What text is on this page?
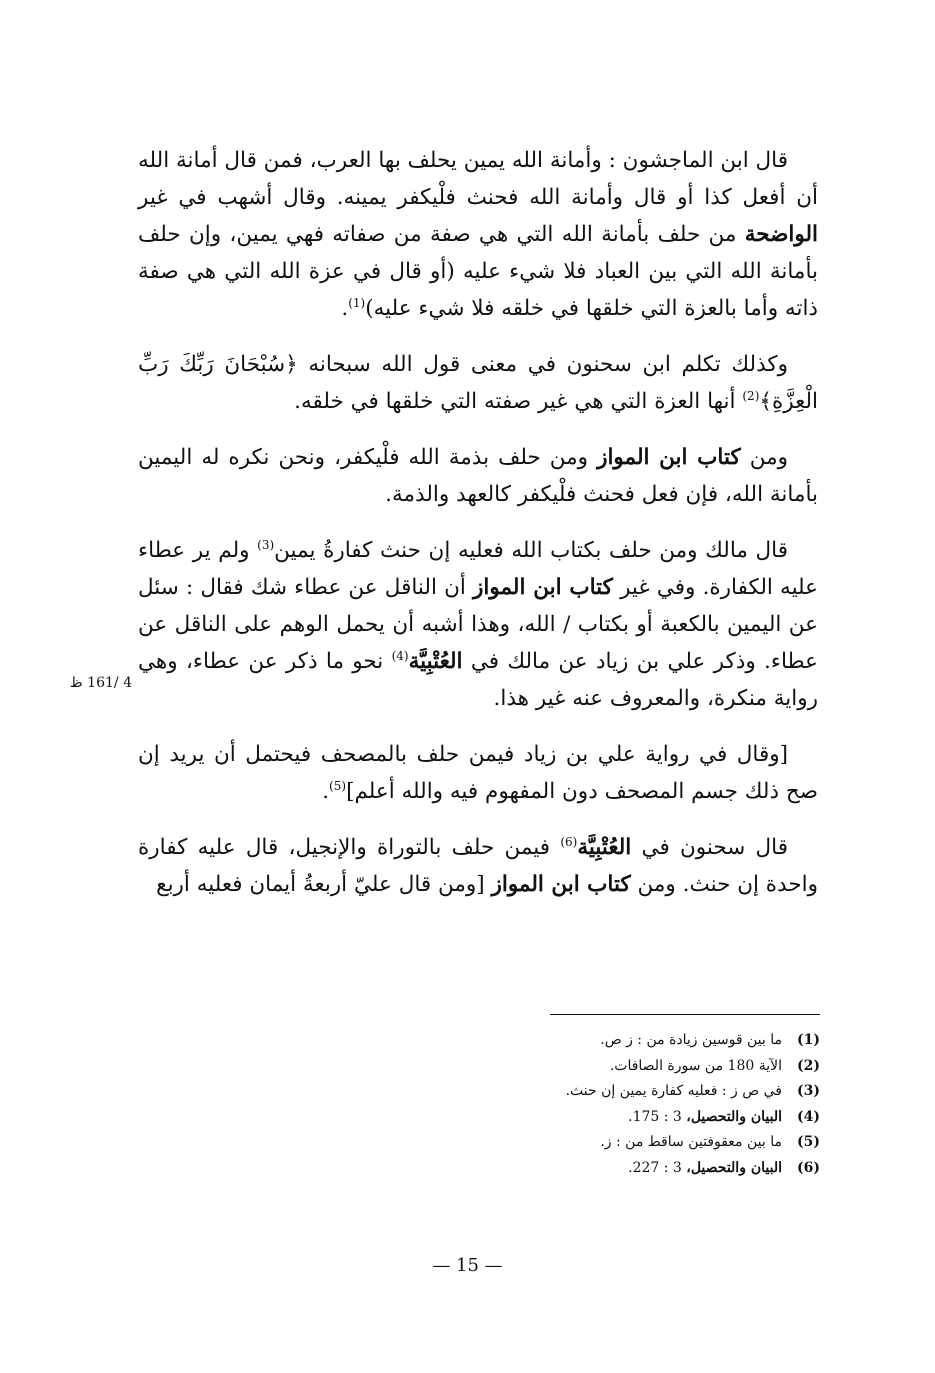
قال ابن الماجشون : وأمانة الله يمين يحلف بها العرب، فمن قال أمانة الله أن أفعل كذا أو قال وأمانة الله فحنث فلْيكفر يمينه. وقال أشهب في غير الواضحة من حلف بأمانة الله التي هي صفة من صفاته فهي يمين، وإن حلف بأمانة الله التي بين العباد فلا شيء عليه (أو قال في عزة الله التي هي صفة ذاته وأما بالعزة التي خلقها في خلقه فلا شيء عليه)$^{(1)}$.

وكذلك تكلم ابن سحنون في معنى قول الله سبحانه ﴿سُبْحَانَ رَبِّكَ رَبِّ الْعِزَّةِ﴾$^{(2)}$ أنها العزة التي هي غير صفته التي خلقها في خلقه.

ومن كتاب ابن المواز ومن حلف بذمة الله فلْيكفر، ونحن نكره له اليمين بأمانة الله، فإن فعل فحنث فلْيكفر كالعهد والذمة.

قال مالك ومن حلف بكتاب الله فعليه إن حنث كفارةُ يمين$^{(3)}$ ولم ير عطاء عليه الكفارة. وفي غير كتاب ابن المواز أن الناقل عن عطاء شك فقال : سئل عن اليمين بالكعبة أو بكتاب / الله، وهذا أشبه أن يحمل الوهم على الناقل عن عطاء. وذكر علي بن زياد عن مالك في العُتْبِيَّة$^{(4)}$ نحو ما ذكر عن عطاء، وهي رواية منكرة، والمعروف عنه غير هذا.

[وقال في رواية علي بن زياد فيمن حلف بالمصحف فيحتمل أن يريد إن صح ذلك جسم المصحف دون المفهوم فيه والله أعلم]$^{(5)}$.

قال سحنون في العُتْبِيَّة$^{(6)}$ فيمن حلف بالتوراة والإنجيل، قال عليه كفارة واحدة إن حنث. ومن كتاب ابن المواز [ومن قال عليّ أربعةُ أيمان فعليه أربع

4 /161 ظ
(1)ما بين قوسين زيادة من : ز ص.
(2)الآية 180 من سورة الصافات.
(3)في ص ز : فعليه كفارة يمين إن حنث.
(4)البيان والتحصيل، 3 : 175.
(5)ما بين معقوفتين ساقط من : ز.
(6)البيان والتحصيل، 3 : 227.
— 15 —
